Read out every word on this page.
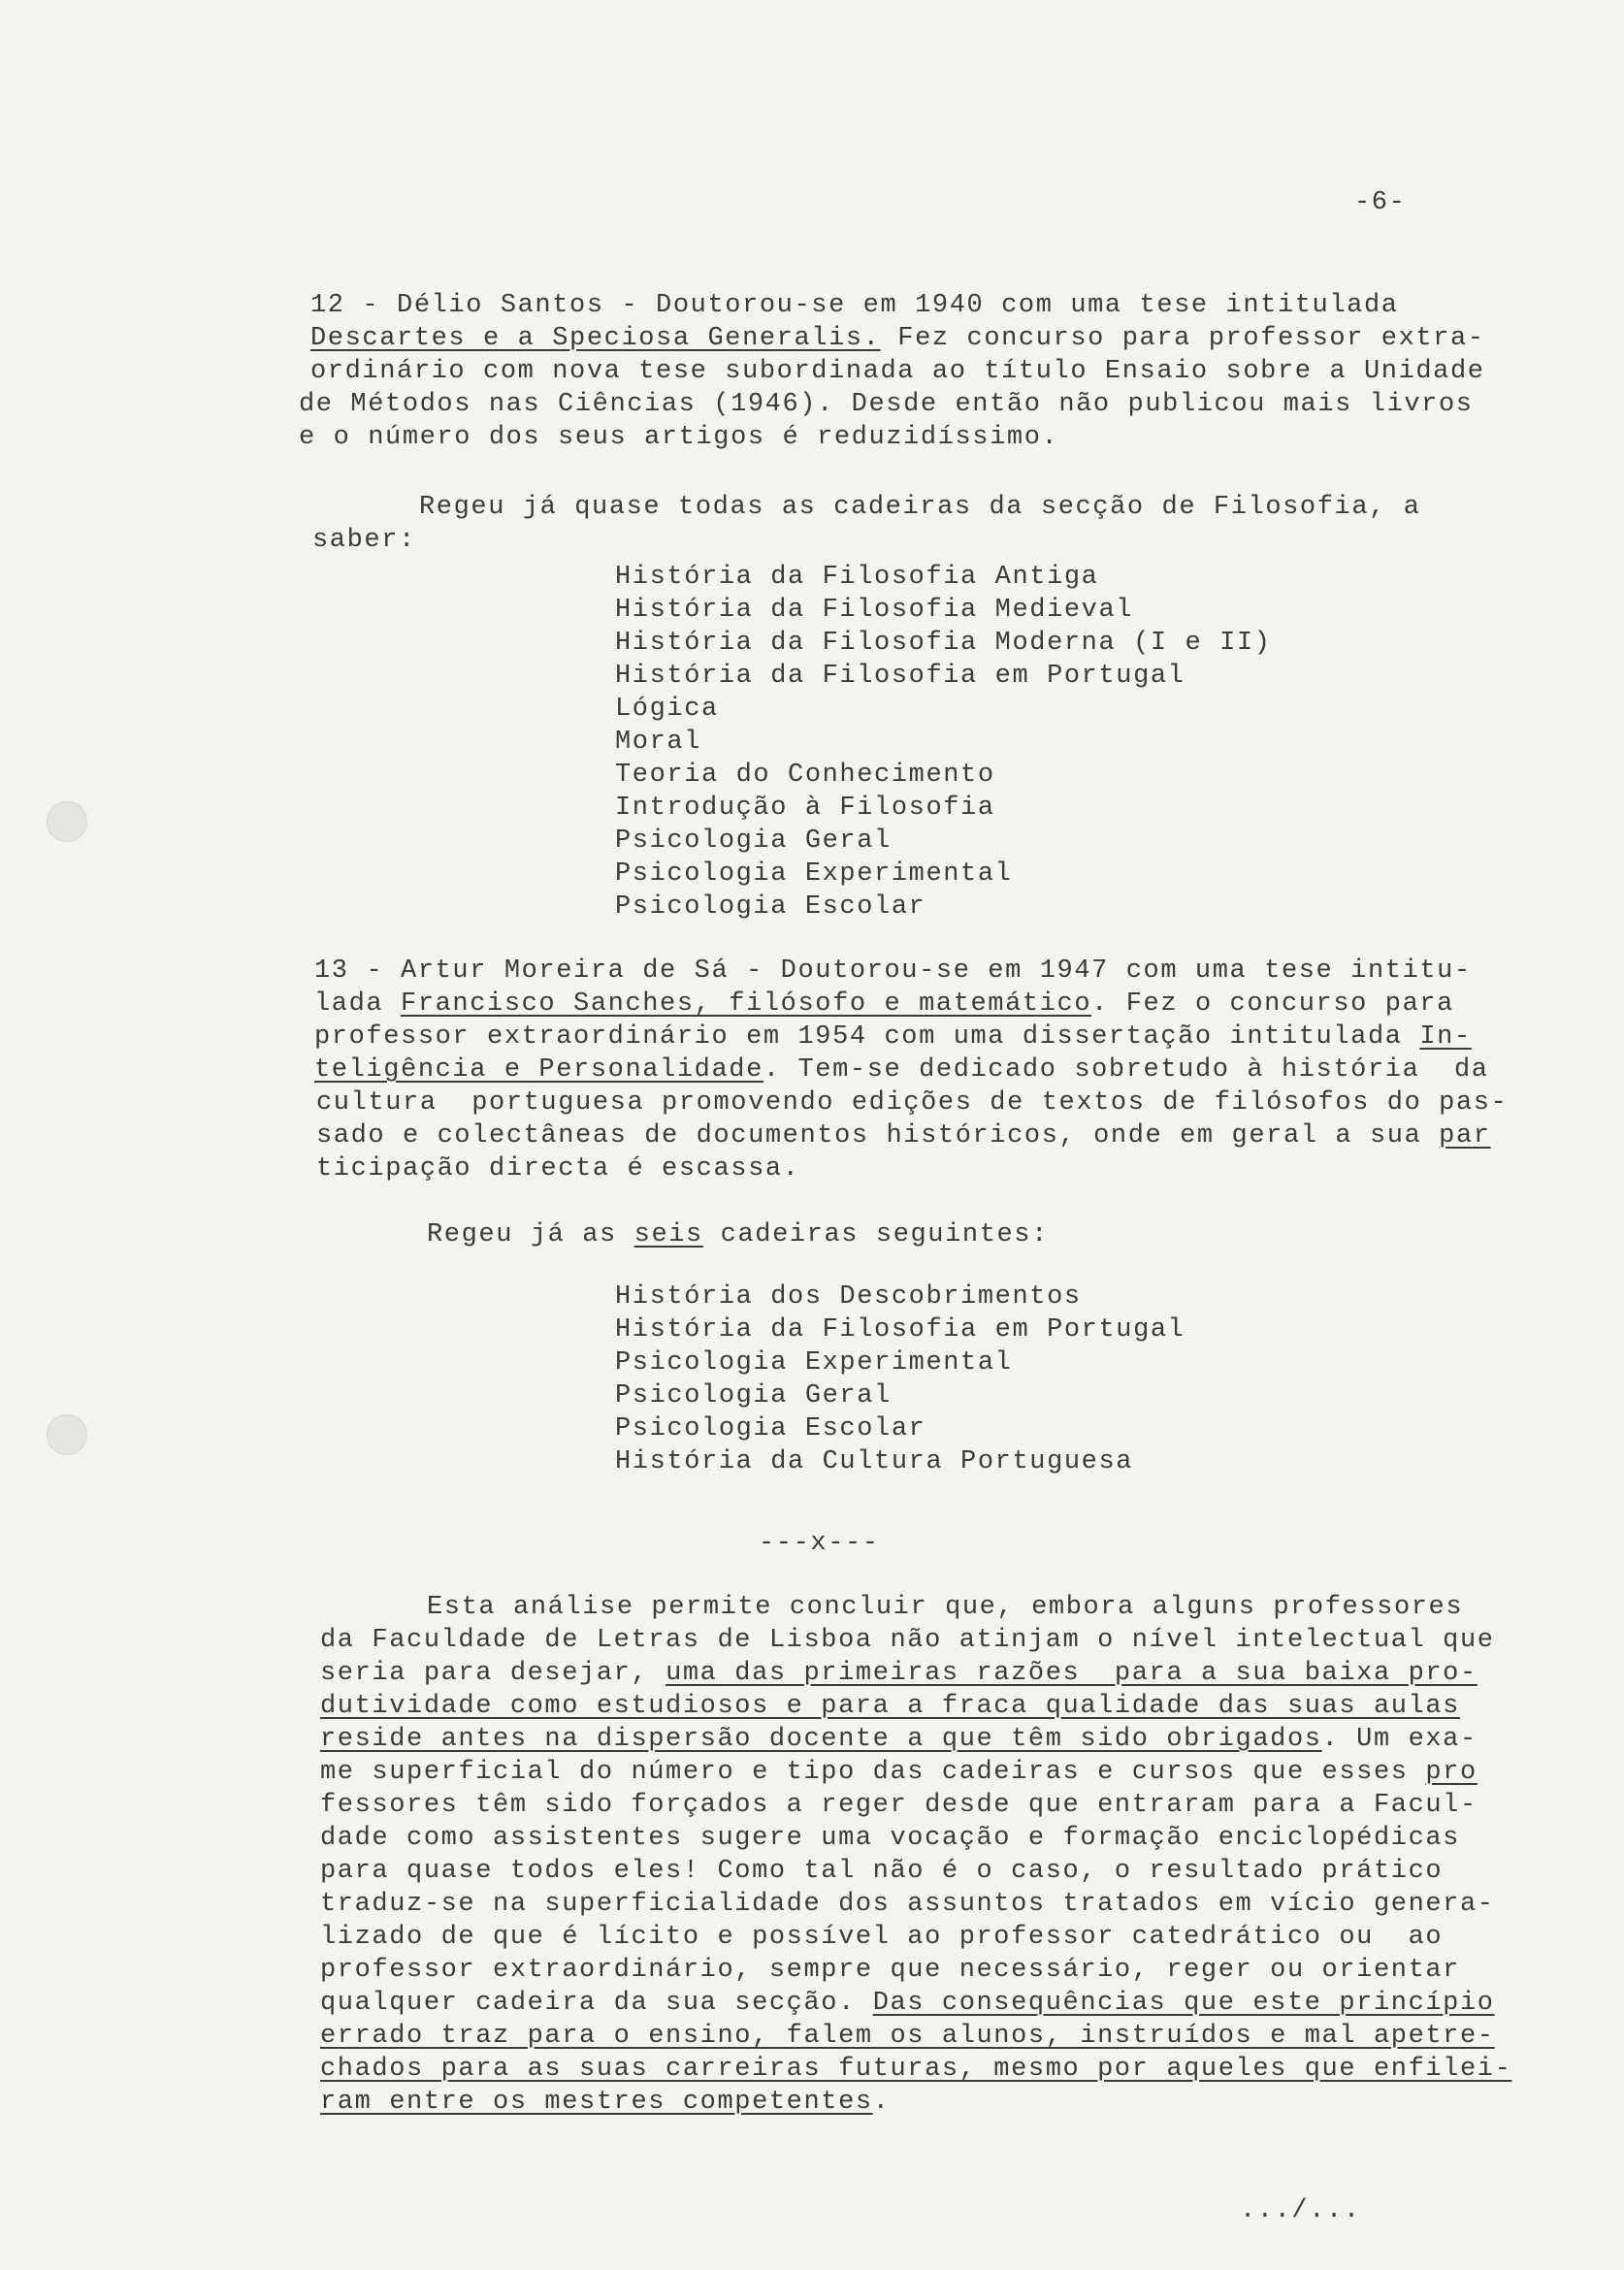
-6-
12 - Délio Santos - Doutorou-se em 1940 com uma tese intitulada
Descartes e a Speciosa Generalis. Fez concurso para professor extra-
ordinário com nova tese subordinada ao título Ensaio sobre a Unidade
de Métodos nas Ciências (1946). Desde então não publicou mais livros
e o número dos seus artigos é reduzidíssimo.
Regeu já quase todas as cadeiras da secção de Filosofia, a
saber:
História da Filosofia Antiga
História da Filosofia Medieval
História da Filosofia Moderna (I e II)
História da Filosofia em Portugal
Lógica
Moral
Teoria do Conhecimento
Introdução à Filosofia
Psicologia Geral
Psicologia Experimental
Psicologia Escolar
13 - Artur Moreira de Sá - Doutorou-se em 1947 com uma tese intitu-
lada Francisco Sanches, filósofo e matemático. Fez o concurso para
professor extraordinário em 1954 com uma dissertação intitulada In-
teligência e Personalidade. Tem-se dedicado sobretudo à história  da
cultura  portuguesa promovendo edições de textos de filósofos do pas-
sado e colectâneas de documentos históricos, onde em geral a sua par
ticipação directa é escassa.
Regeu já as seis cadeiras seguintes:
História dos Descobrimentos
História da Filosofia em Portugal
Psicologia Experimental
Psicologia Geral
Psicologia Escolar
História da Cultura Portuguesa
---x---
Esta análise permite concluir que, embora alguns professores
da Faculdade de Letras de Lisboa não atinjam o nível intelectual que
seria para desejar, uma das primeiras razões  para a sua baixa pro-
dutividade como estudiosos e para a fraca qualidade das suas aulas
reside antes na dispersão docente a que têm sido obrigados. Um exa-
me superficial do número e tipo das cadeiras e cursos que esses pro
fessores têm sido forçados a reger desde que entraram para a Facul-
dade como assistentes sugere uma vocação e formação enciclopédicas
para quase todos eles! Como tal não é o caso, o resultado prático
traduz-se na superficialidade dos assuntos tratados em vício genera-
lizado de que é lícito e possível ao professor catedrático ou  ao
professor extraordinário, sempre que necessário, reger ou orientar
qualquer cadeira da sua secção. Das consequências que este princípio
errado traz para o ensino, falem os alunos, instruídos e mal apetre-
chados para as suas carreiras futuras, mesmo por aqueles que enfilei-
ram entre os mestres competentes.
.../...
